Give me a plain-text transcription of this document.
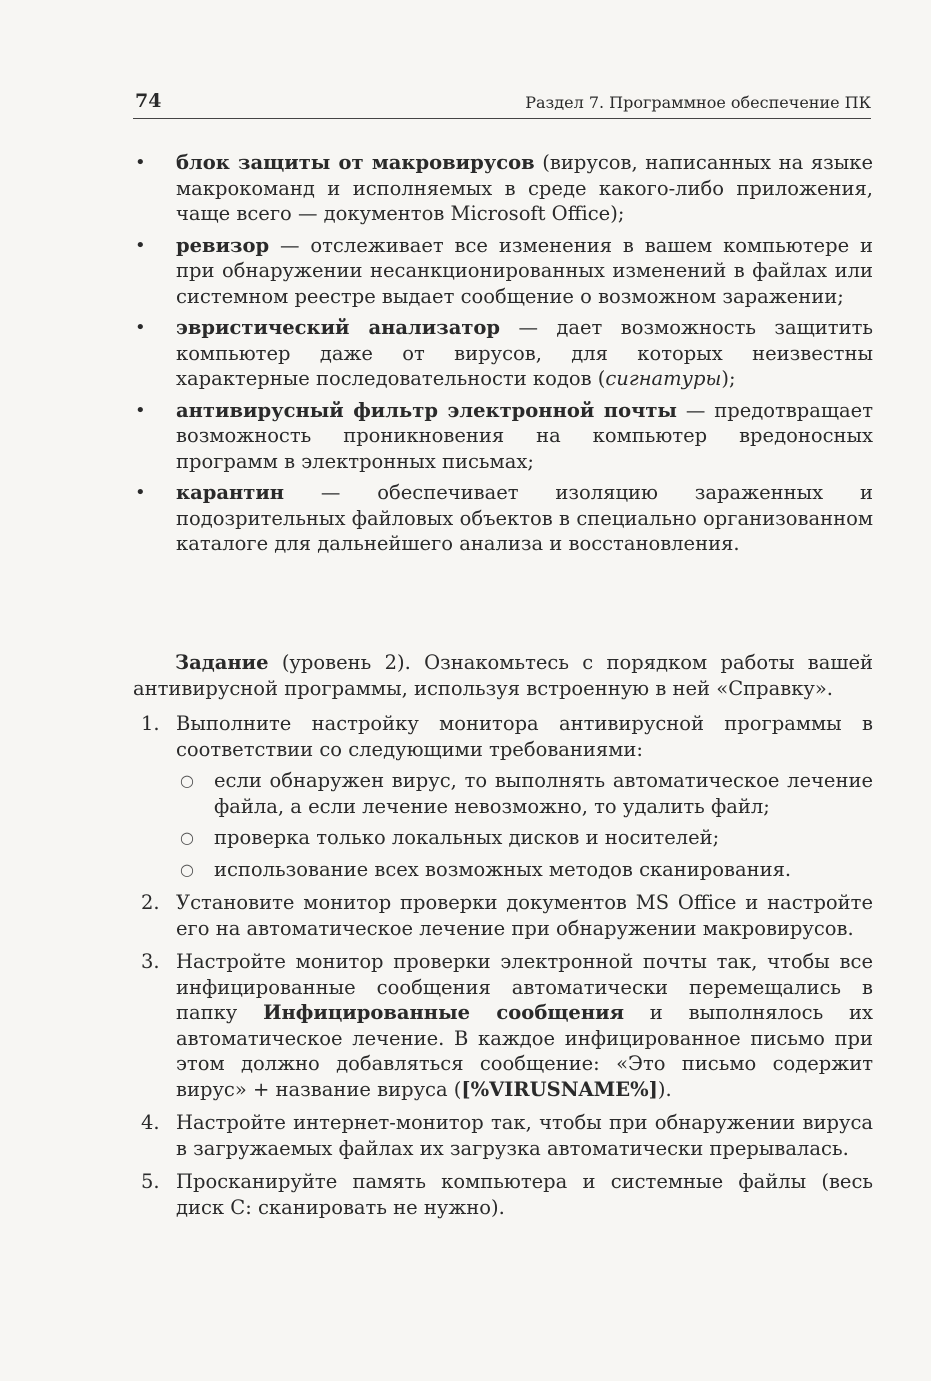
74	Раздел 7. Программное обеспечение ПК
• блок защиты от макровирусов (вирусов, написанных на языке макрокоманд и исполняемых в среде какого-либо приложения, чаще всего — документов Microsoft Office);
• ревизор — отслеживает все изменения в вашем компьютере и при обнаружении несанкционированных изменений в файлах или системном реестре выдает сообщение о возможном заражении;
• эвристический анализатор — дает возможность защитить компьютер даже от вирусов, для которых неизвестны характерные последовательности кодов (сигнатуры);
• антивирусный фильтр электронной почты — предотвращает возможность проникновения на компьютер вредоносных программ в электронных письмах;
• карантин — обеспечивает изоляцию зараженных и подозрительных файловых объектов в специально организованном каталоге для дальнейшего анализа и восстановления.
Задание (уровень 2). Ознакомьтесь с порядком работы вашей антивирусной программы, используя встроенную в ней «Справку».
1. Выполните настройку монитора антивирусной программы в соответствии со следующими требованиями:
○ если обнаружен вирус, то выполнять автоматическое лечение файла, а если лечение невозможно, то удалить файл;
○ проверка только локальных дисков и носителей;
○ использование всех возможных методов сканирования.
2. Установите монитор проверки документов MS Office и настройте его на автоматическое лечение при обнаружении макровирусов.
3. Настройте монитор проверки электронной почты так, чтобы все инфицированные сообщения автоматически перемещались в папку Инфицированные сообщения и выполнялось их автоматическое лечение. В каждое инфицированное письмо при этом должно добавляться сообщение: «Это письмо содержит вирус» + название вируса ([%VIRUSNAME%]).
4. Настройте интернет-монитор так, чтобы при обнаружении вируса в загружаемых файлах их загрузка автоматически прерывалась.
5. Просканируйте память компьютера и системные файлы (весь диск C: сканировать не нужно).
